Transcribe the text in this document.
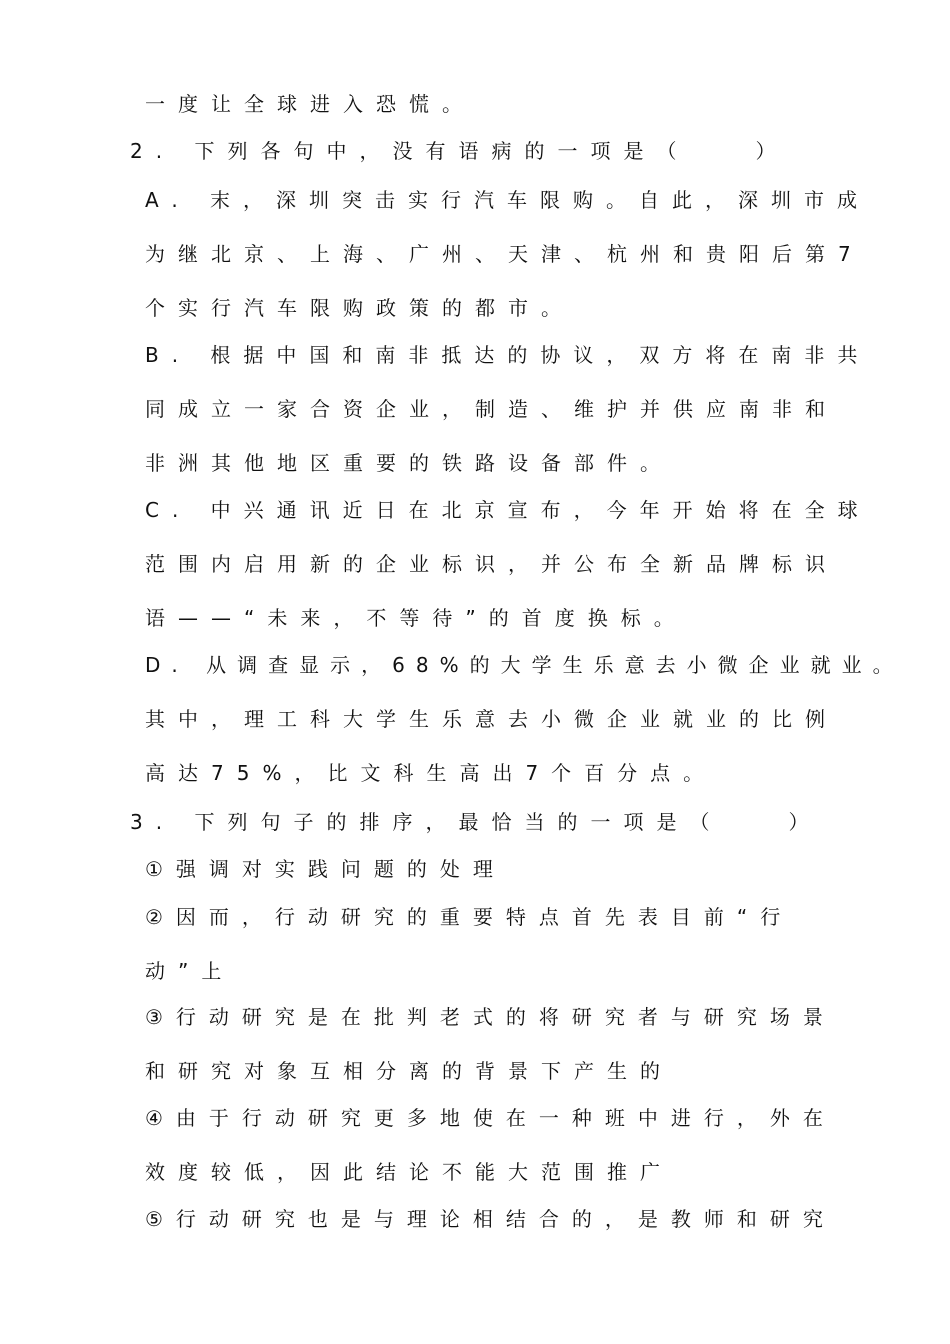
一度让全球进入恐慌。
2. 下列各句中，没有语病的一项是（　　）
A. 末，深圳突击实行汽车限购。自此，深圳市成
为继北京、上海、广州、天津、杭州和贵阳后第7
个实行汽车限购政策的都市。
B. 根据中国和南非抵达的协议，双方将在南非共
同成立一家合资企业，制造、维护并供应南非和
非洲其他地区重要的铁路设备部件。
C. 中兴通讯近日在北京宣布，今年开始将在全球
范围内启用新的企业标识，并公布全新品牌标识
语——“未来，不等待”的首度换标。
D. 从调查显示，68%的大学生乐意去小微企业就业。
其中，理工科大学生乐意去小微企业就业的比例
高达75%，比文科生高出7个百分点。
3. 下列句子的排序，最恰当的一项是（　　）
①强调对实践问题的处理
②因而，行动研究的重要特点首先表目前“行
动”上
③行动研究是在批判老式的将研究者与研究场景
和研究对象互相分离的背景下产生的
④由于行动研究更多地使在一种班中进行，外在
效度较低，因此结论不能大范围推广
⑤行动研究也是与理论相结合的，是教师和研究
